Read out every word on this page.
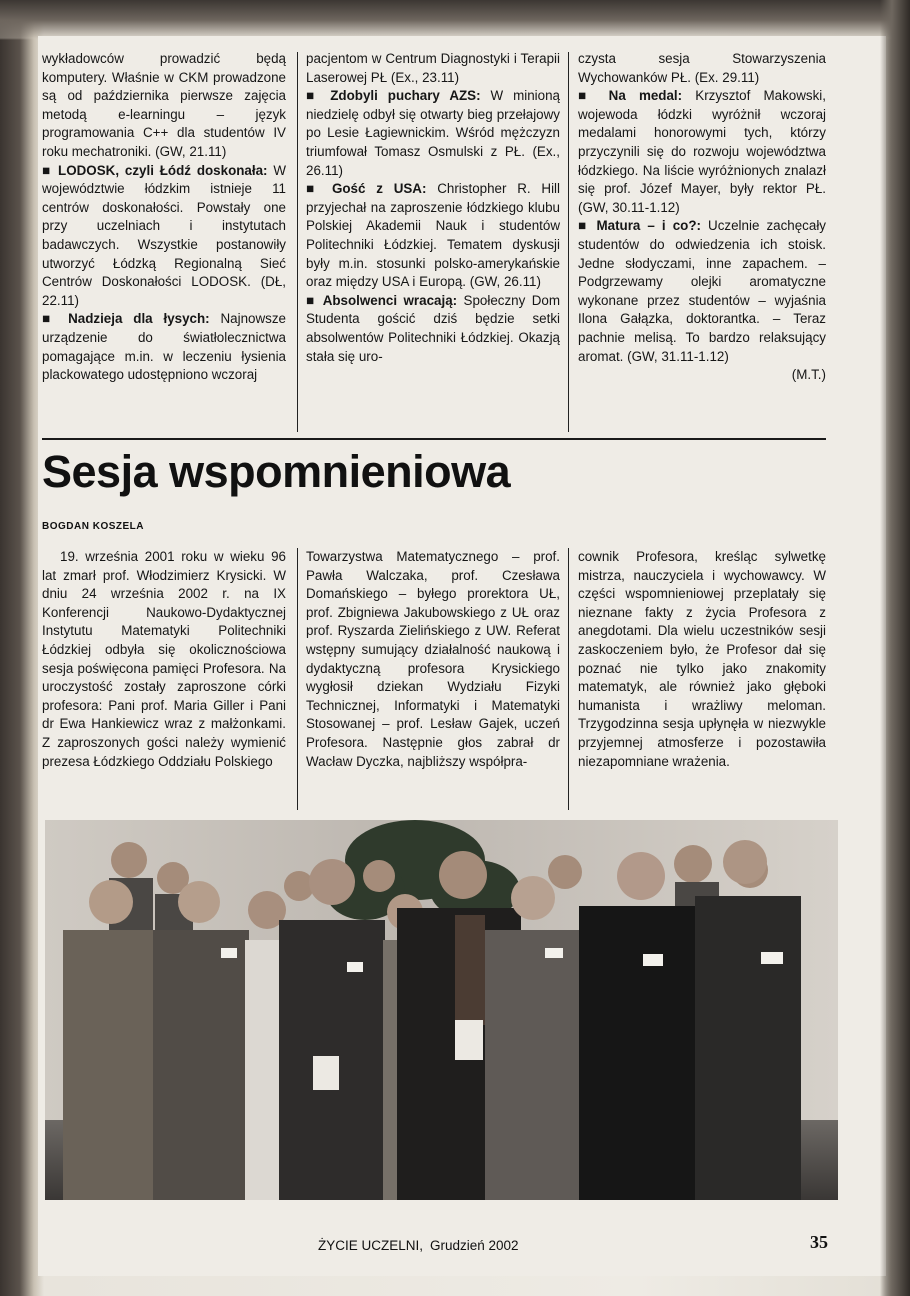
wykładowców prowadzić będą komputery. Właśnie w CKM prowadzone są od października pierwsze zajęcia metodą e-learningu – język programowania C++ dla studentów IV roku mechatroniki. (GW, 21.11)

■ LODOSK, czyli Łódź doskonała: W województwie łódzkim istnieje 11 centrów doskonałości. Powstały one przy uczelniach i instytutach badawczych. Wszystkie postanowiły utworzyć Łódzką Regionalną Sieć Centrów Doskonałości LODOSK. (DŁ, 22.11)

■ Nadzieja dla łysych: Najnowsze urządzenie do światłolecznictwa pomagające m.in. w leczeniu łysienia plackowatego udostępniono wczoraj

pacjentom w Centrum Diagnostyki i Terapii Laserowej PŁ (Ex., 23.11)

■ Zdobyli puchary AZS: W minioną niedzielę odbył się otwarty bieg przełajowy po Lesie Łagiewnickim. Wśród mężczyzn triumfował Tomasz Osmulski z PŁ. (Ex., 26.11)

■ Gość z USA: Christopher R. Hill przyjechał na zaproszenie łódzkiego klubu Polskiej Akademii Nauk i studentów Politechniki Łódzkiej. Tematem dyskusji były m.in. stosunki polsko-amerykańskie oraz między USA i Europą. (GW, 26.11)

■ Absolwenci wracają: Społeczny Dom Studenta gościć dziś będzie setki absolwentów Politechniki Łódzkiej. Okazją stała się uro-

czysta sesja Stowarzyszenia Wychowanków PŁ. (Ex. 29.11)

■ Na medal: Krzysztof Makowski, wojewoda łódzki wyróżnił wczoraj medalami honorowymi tych, którzy przyczynili się do rozwoju województwa łódzkiego. Na liście wyróżnionych znalazł się prof. Józef Mayer, były rektor PŁ. (GW, 30.11-1.12)

■ Matura – i co?: Uczelnie zachęcały studentów do odwiedzenia ich stoisk. Jedne słodyczami, inne zapachem. – Podgrzewamy olejki aromatyczne wykonane przez studentów – wyjaśnia Ilona Gałązka, doktorantka. – Teraz pachnie melisą. To bardzo relaksujący aromat. (GW, 31.11-1.12)

(M.T.)

Sesja wspomnieniowa
BOGDAN KOSZELA

19. września 2001 roku w wieku 96 lat zmarł prof. Włodzimierz Krysicki. W dniu 24 września 2002 r. na IX Konferencji Naukowo-Dydaktycznej Instytutu Matematyki Politechniki Łódzkiej odbyła się okolicznościowa sesja poświęcona pamięci Profesora. Na uroczystość zostały zaproszone córki profesora: Pani prof. Maria Giller i Pani dr Ewa Hankiewicz wraz z małżonkami. Z zaproszonych gości należy wymienić prezesa Łódzkiego Oddziału Polskiego

Towarzystwa Matematycznego – prof. Pawła Walczaka, prof. Czesława Domańskiego – byłego prorektora UŁ, prof. Zbigniewa Jakubowskiego z UŁ oraz prof. Ryszarda Zielińskiego z UW. Referat wstępny sumujący działalność naukową i dydaktyczną profesora Krysickiego wygłosił dziekan Wydziału Fizyki Technicznej, Informatyki i Matematyki Stosowanej – prof. Lesław Gajek, uczeń Profesora. Następnie głos zabrał dr Wacław Dyczka, najbliższy współpra-

cownik Profesora, kreśląc sylwetkę mistrza, nauczyciela i wychowawcy. W części wspomnieniowej przeplatały się nieznane fakty z życia Profesora z anegdotami. Dla wielu uczestników sesji zaskoczeniem było, że Profesor dał się poznać nie tylko jako znakomity matematyk, ale również jako głęboki humanista i wrażliwy meloman. Trzygodzinna sesja upłynęła w niezwykle przyjemnej atmosferze i pozostawiła niezapomniane wrażenia.

ŻYCIE UCZELNI, Grudzień 2002	35
